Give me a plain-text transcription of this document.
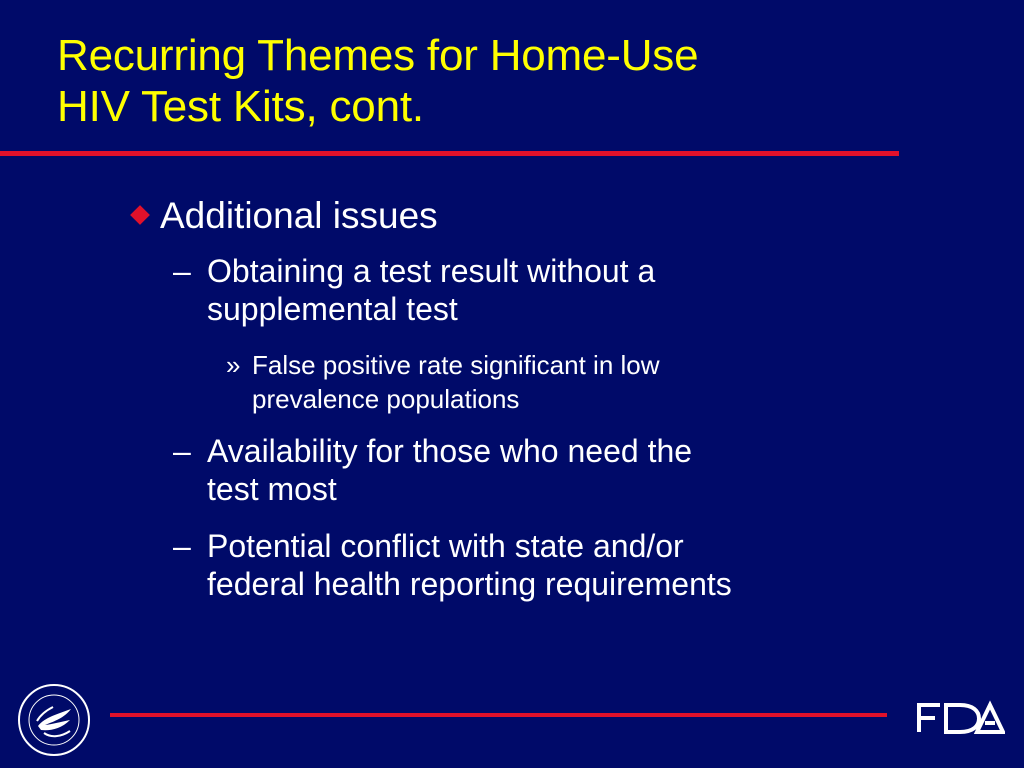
Recurring Themes for Home-Use
HIV Test Kits, cont.
Additional issues
– Obtaining a test result without a
supplemental test
» False positive rate significant in low
prevalence populations
– Availability for those who need the
test most
– Potential conflict with state and/or
federal health reporting requirements
